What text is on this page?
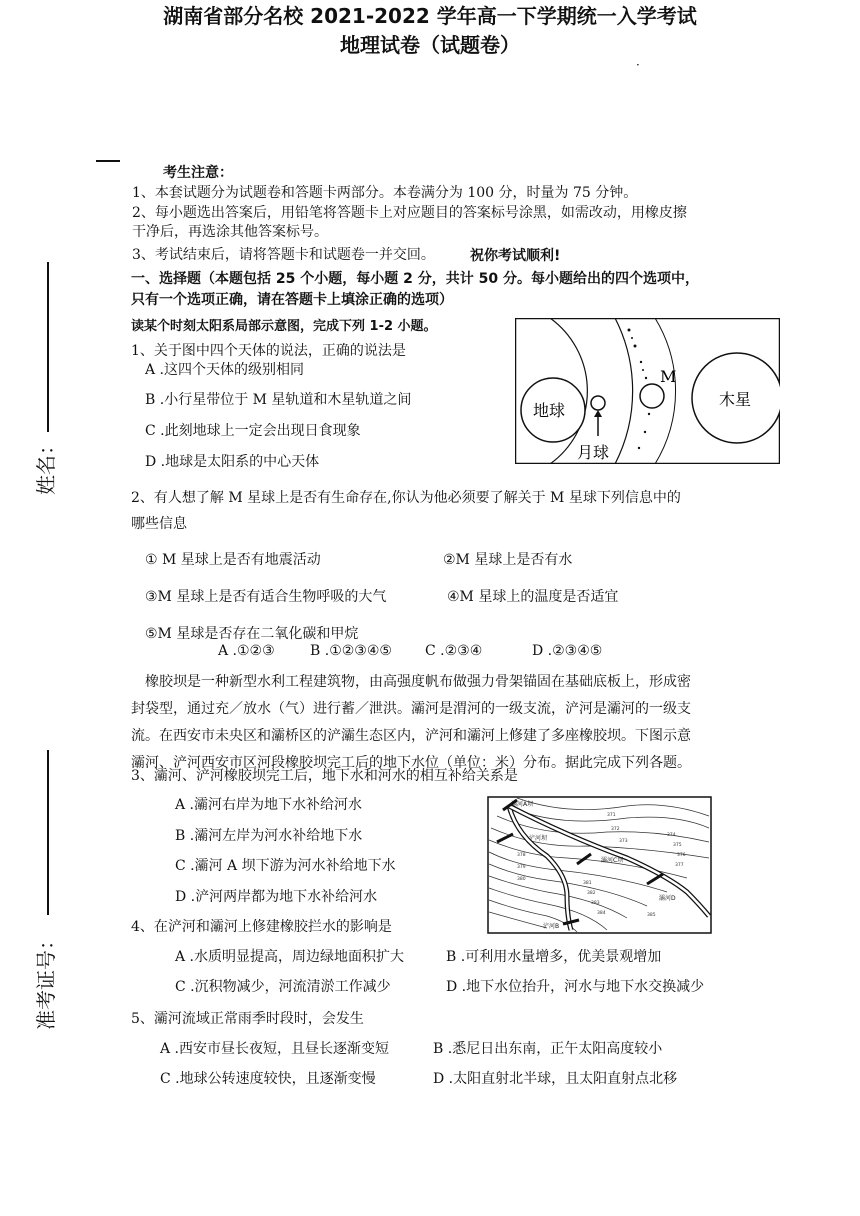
·
湖南省部分名校 2021-2022 学年高一下学期统一入学考试
地理试卷（试题卷）
考生注意：
1、本套试题分为试题卷和答题卡两部分。本卷满分为 100 分，时量为 75 分钟。
2、每小题选出答案后，用铅笔将答题卡上对应题目的答案标号涂黑，如需改动，用橡皮擦
干净后，再选涂其他答案标号。
3、考试结束后，请将答题卡和试题卷一并交回。	祝你考试顺利!
一、选择题（本题包括 25 个小题，每小题 2 分，共计 50 分。每小题给出的四个选项中，
只有一个选项正确，请在答题卡上填涂正确的选项）
姓名：
准考证号：
读某个时刻太阳系局部示意图，完成下列 1-2 小题。
地球
月球
M
木星
1、关于图中四个天体的说法，正确的说法是
A .这四个天体的级别相同
B .小行星带位于 M 星轨道和木星轨道之间
C .此刻地球上一定会出现日食现象
D .地球是太阳系的中心天体
2、有人想了解 M 星球上是否有生命存在,你认为他必须要了解关于 M 星球下列信息中的
哪些信息
① M 星球上是否有地震活动	②M 星球上是否有水
③M 星球上是否有适合生物呼吸的大气	④M 星球上的温度是否适宜
⑤M 星球是否存在二氧化碳和甲烷
A .①②③	B .①②③④⑤ C .②③④	D .②③④⑤
橡胶坝是一种新型水利工程建筑物，由高强度帆布做强力骨架锚固在基础底板上，形成密
封袋型，通过充／放水（气）进行蓄／泄洪。灞河是渭河的一级支流，浐河是灞河的一级支
流。在西安市未央区和灞桥区的浐灞生态区内，浐河和灞河上修建了多座橡胶坝。下图示意
灞河、浐河西安市区河段橡胶坝完工后的地下水位（单位：米）分布。据此完成下列各题。
3、灞河、浐河橡胶坝完工后，地下水和河水的相互补给关系是
A .灞河右岸为地下水补给河水
B .灞河左岸为河水补给地下水
C .灞河 A 坝下游为河水补给地下水
D .浐河两岸都为地下水补给河水
灞河A坝
浐河坝
灞河C坝
灞河D
浐河B
371
372
373
374
375
376
377
378
379
380
381
382
383
384	385
4、在浐河和灞河上修建橡胶拦水的影响是
A .水质明显提高，周边绿地面积扩大	B .可利用水量增多，优美景观增加
C .沉积物减少，河流清淤工作减少	D .地下水位抬升，河水与地下水交换减少
5、灞河流域正常雨季时段时，会发生
A .西安市昼长夜短，且昼长逐渐变短	B .悉尼日出东南，正午太阳高度较小
C .地球公转速度较快，且逐渐变慢	D .太阳直射北半球，且太阳直射点北移
